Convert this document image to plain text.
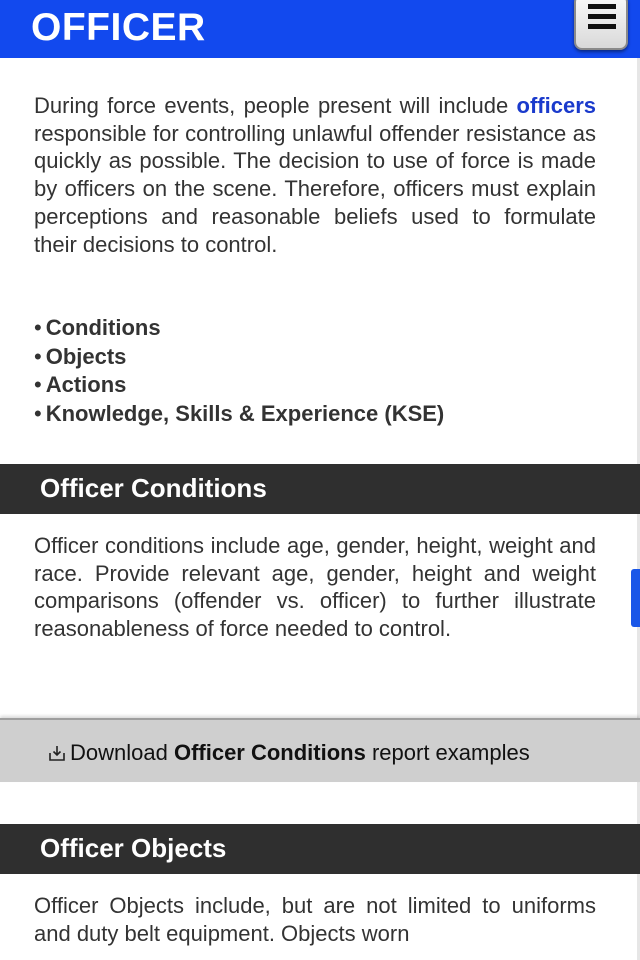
OFFICER
During force events, people present will include officers responsible for controlling unlawful offender resistance as quickly as possible. The decision to use of force is made by officers on the scene. Therefore, officers must explain perceptions and reasonable beliefs used to formulate their decisions to control.
• Conditions
• Objects
• Actions
• Knowledge, Skills & Experience (KSE)
Officer Conditions
Officer conditions include age, gender, height, weight and race. Provide relevant age, gender, height and weight comparisons (offender vs. officer) to further illustrate reasonableness of force needed to control.
Download Officer Conditions report examples
Officer Objects
Officer Objects include, but are not limited to uniforms and duty belt equipment. Objects worn
